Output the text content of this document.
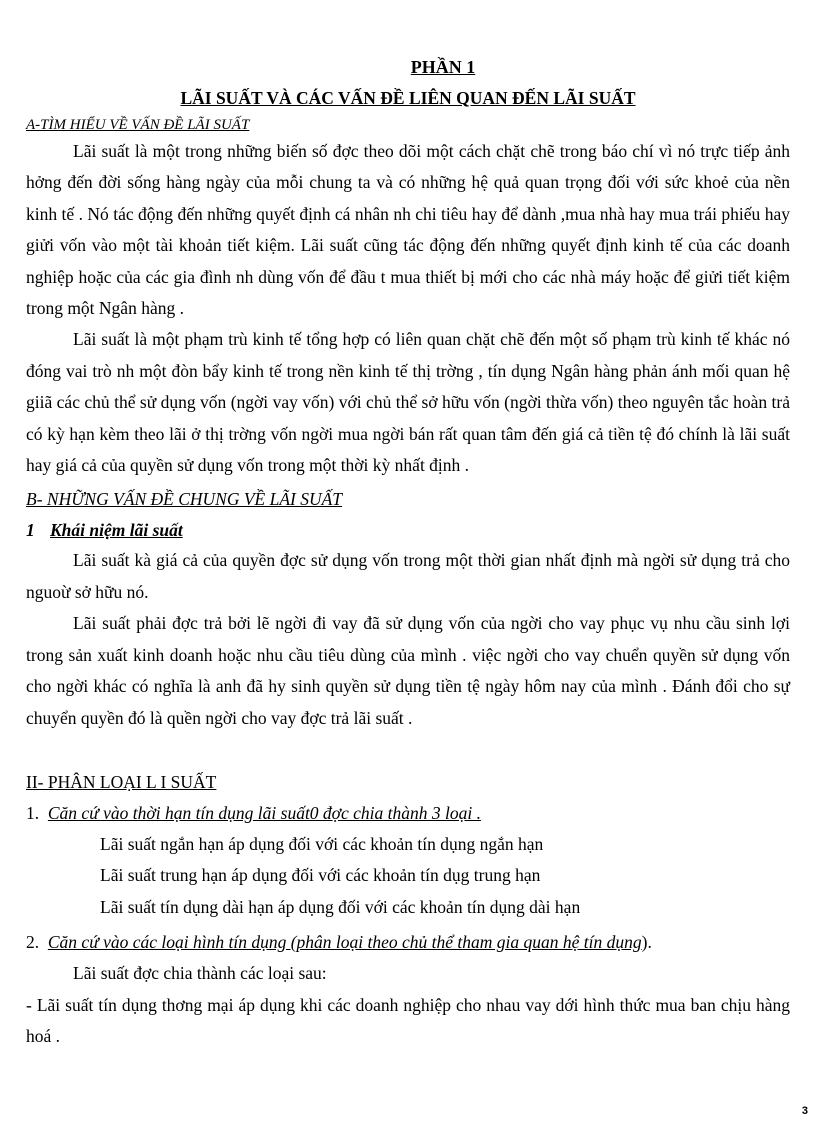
PHẦN 1
LÃI SUẤT VÀ CÁC VẤN ĐỀ LIÊN QUAN ĐẾN LÃI SUẤT
A-TÌM HIỂU VỀ VẤN ĐỀ LÃI SUẤT

Lãi suất là một trong những biến số đợc theo dõi một cách chặt chẽ trong báo chí vì nó trực tiếp ảnh hởng đến đời sống hàng ngày của mỗi chung ta và có những hệ quả quan trọng đối với sức khoẻ của nền kinh tế . Nó tác động đến những quyết định cá nhân nh chi tiêu hay để dành ,mua nhà hay mua trái phiếu hay giửi vốn vào một tài khoản tiết kiệm. Lãi suất cũng tác động đến những quyết định kinh tế của các doanh nghiệp hoặc của các gia đình nh dùng vốn để đầu t mua thiết bị mới cho các nhà máy hoặc để giửi tiết kiệm trong một Ngân hàng .

Lãi suất là một phạm trù kinh tế tổng hợp có liên quan chặt chẽ đến một số phạm trù kinh tế khác nó đóng vai trò nh một đòn bẩy kinh tế trong nền kinh tế thị trờng , tín dụng Ngân hàng phản ánh mối quan hệ giiã các chủ thể sử dụng vốn (ngời vay vốn) với chủ thể sở hữu vốn (ngời thừa vốn) theo nguyên tắc hoàn trả có kỳ hạn kèm theo lãi ở thị trờng vốn ngời mua ngời bán rất quan tâm đến giá cả tiền tệ đó chính là lãi suất hay giá cả của quyền sử dụng vốn trong một thời kỳ nhất định .

B- NHỮNG VẤN ĐỀ CHUNG VỀ LÃI SUẤT
1 Khái niệm lãi suất

Lãi suất kà giá cả của quyền đợc sử dụng vốn trong một thời gian nhất định mà ngời sử dụng trả cho nguoừ sở hữu nó.

Lãi suất phải đợc trả bởi lẽ ngời đi vay đã sử dụng vốn của ngời cho vay phục vụ nhu cầu sinh lợi trong sản xuất kinh doanh hoặc nhu cầu tiêu dùng của mình . việc ngời cho vay chuển quyền sử dụng vốn cho ngời khác có nghĩa là anh đã hy sinh quyền sử dụng tiền tệ ngày hôm nay của mình . Đánh đổi cho sự chuyển quyền đó là quền ngời cho vay đợc trả lãi suất .

II- PHÂN LOẠI L I SUẤT
1. Căn cứ vào thời hạn tín dụng lãi suất0 đợc chia thành 3 loại .
Lãi suất ngắn hạn áp dụng đối với các khoản tín dụng ngắn hạn
Lãi suất trung hạn áp dụng đối với các khoản tín dụg trung hạn
Lãi suất tín dụng dài hạn áp dụng đối với các khoản tín dụng dài hạn
2. Căn cứ vào các loại hình tín dụng (phân loại theo chủ thể tham gia quan hệ tín dụng).

Lãi suất đợc chia thành các loại sau:

- Lãi suất tín dụng thơng mại áp dụng khi các doanh nghiệp cho nhau vay dới hình thức mua ban chịu hàng hoá .

3
